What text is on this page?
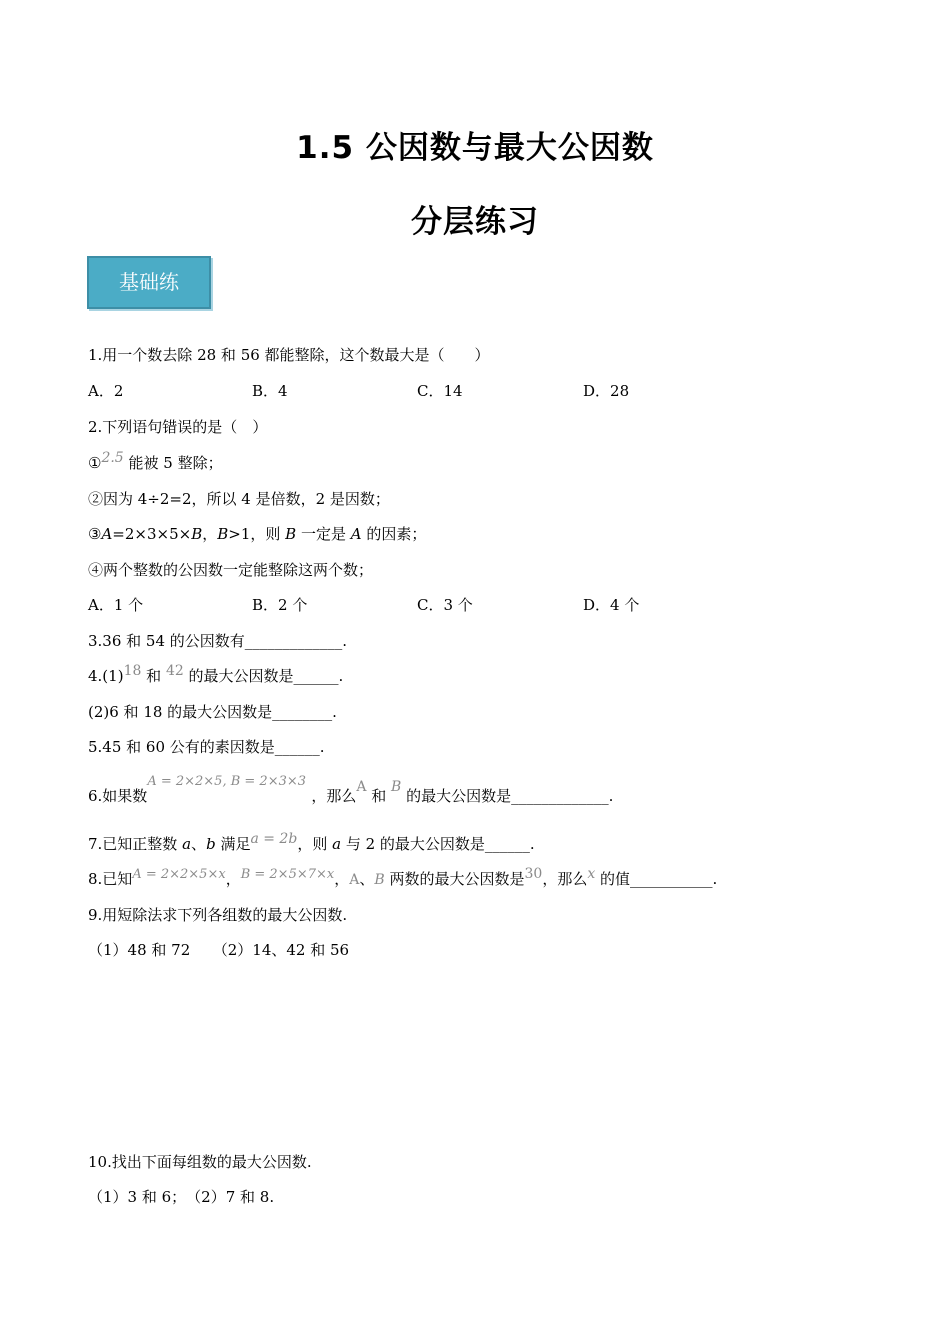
1.5 公因数与最大公因数
分层练习
基础练
1.用一个数去除 28 和 56 都能整除，这个数最大是（　　）
A．2	B．4	C．14	D．28
2.下列语句错误的是（　）
①2.5 能被 5 整除；
②因为 4÷2=2，所以 4 是倍数，2 是因数；
③A=2×3×5×B，B>1，则 B 一定是 A 的因素；
④两个整数的公因数一定能整除这两个数；
A．1 个	B．2 个	C．3 个	D．4 个
3.36 和 54 的公因数有_____________.
4.(1)18 和 42 的最大公因数是______.
(2)6 和 18 的最大公因数是________.
5.45 和 60 公有的素因数是______.
6.如果数A = 2×2×5, B = 2×3×3，那么A 和 B 的最大公因数是_____________.
7.已知正整数 a、b 满足a = 2b，则 a 与 2 的最大公因数是______.
8.已知A = 2×2×5×x，B = 2×5×7×x，A、B 两数的最大公因数是30，那么x 的值___________.
9.用短除法求下列各组数的最大公因数.
（1）48 和 72　　（2）14、42 和 56
10.找出下面每组数的最大公因数.
（1）3 和 6；　（2）7 和 8.
